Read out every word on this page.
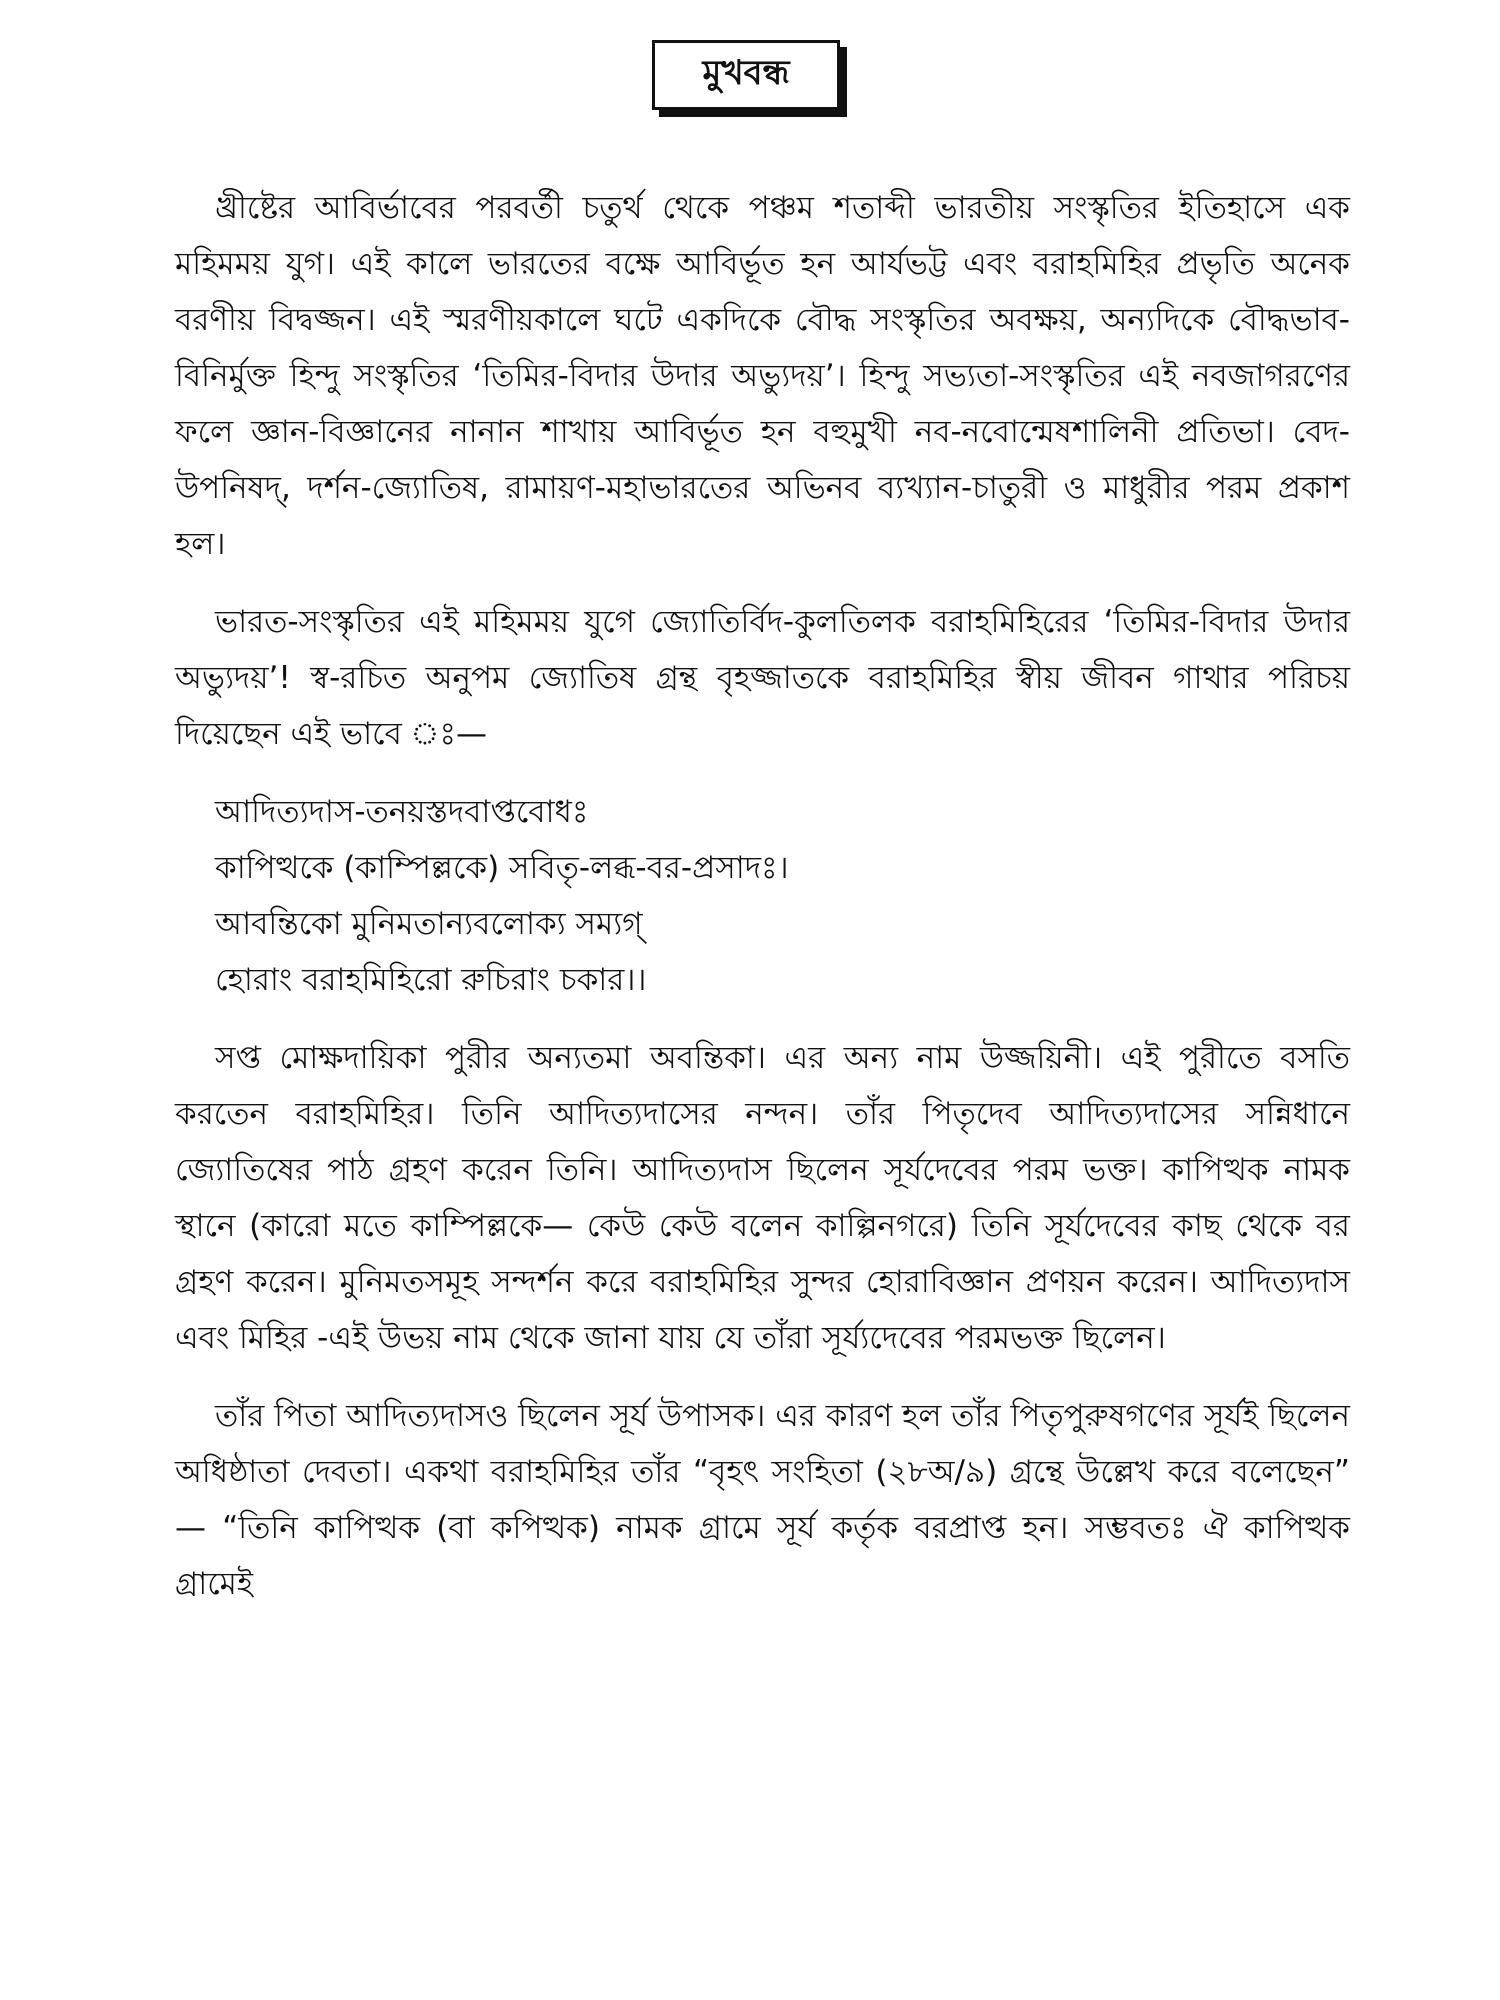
মুখবন্ধ

খ্রীষ্টের আবির্ভাবের পরবর্তী চতুর্থ থেকে পঞ্চম শতাব্দী ভারতীয় সংস্কৃতির ইতিহাসে এক মহিমময় যুগ। এই কালে ভারতের বক্ষে আবির্ভূত হন আর্যভট্ট এবং বরাহমিহির প্রভৃতি অনেক বরণীয় বিদ্বজ্জন। এই স্মরণীয়কালে ঘটে একদিকে বৌদ্ধ সংস্কৃতির অবক্ষয়, অন্যদিকে বৌদ্ধভাব-বিনির্মুক্ত হিন্দু সংস্কৃতির ‘তিমির-বিদার উদার অভ্যুদয়’। হিন্দু সভ্যতা-সংস্কৃতির এই নবজাগরণের ফলে জ্ঞান-বিজ্ঞানের নানান শাখায় আবির্ভূত হন বহুমুখী নব-নবোন্মেষশালিনী প্রতিভা। বেদ-উপনিষদ্, দর্শন-জ্যোতিষ, রামায়ণ-মহাভারতের অভিনব ব্যখ্যান-চাতুরী ও মাধুরীর পরম প্রকাশ হল।

ভারত-সংস্কৃতির এই মহিমময় যুগে জ্যোতির্বিদ-কুলতিলক বরাহমিহিরের ‘তিমির-বিদার উদার অভ্যুদয়’! স্ব-রচিত অনুপম জ্যোতিষ গ্রন্থ বৃহজ্জাতকে বরাহমিহির স্বীয় জীবন গাথার পরিচয় দিয়েছেন এই ভাবে ঃ—

আদিত্যদাস-তনয়স্তদবাপ্তবোধঃ
কাপিত্থকে (কাম্পিল্লকে) সবিতৃ-লব্ধ-বর-প্রসাদঃ।
আবন্তিকো মুনিমতান্যবলোক্য সম্যগ্
হোরাং বরাহমিহিরো রুচিরাং চকার।।

সপ্ত মোক্ষদায়িকা পুরীর অন্যতমা অবন্তিকা। এর অন্য নাম উজ্জয়িনী। এই পুরীতে বসতি করতেন বরাহমিহির। তিনি আদিত্যদাসের নন্দন। তাঁর পিতৃদেব আদিত্যদাসের সন্নিধানে জ্যোতিষের পাঠ গ্রহণ করেন তিনি। আদিত্যদাস ছিলেন সূর্যদেবের পরম ভক্ত। কাপিত্থক নামক স্থানে (কারো মতে কাম্পিল্লকে— কেউ কেউ বলেন কাল্পিনগরে) তিনি সূর্যদেবের কাছ থেকে বর গ্রহণ করেন। মুনিমতসমূহ সন্দর্শন করে বরাহমিহির সুন্দর হোরাবিজ্ঞান প্রণয়ন করেন। আদিত্যদাস এবং মিহির -এই উভয় নাম থেকে জানা যায় যে তাঁরা সূর্য্যদেবের পরমভক্ত ছিলেন।

তাঁর পিতা আদিত্যদাসও ছিলেন সূর্য উপাসক। এর কারণ হল তাঁর পিতৃপুরুষগণের সূর্যই ছিলেন অধিষ্ঠাতা দেবতা। একথা বরাহমিহির তাঁর “বৃহৎ সংহিতা (২৮অ/৯) গ্রন্থে উল্লেখ করে বলেছেন” — “তিনি কাপিত্থক (বা কপিত্থক) নামক গ্রামে সূর্য কর্তৃক বরপ্রাপ্ত হন। সম্ভবতঃ ঐ কাপিত্থক গ্রামেই
